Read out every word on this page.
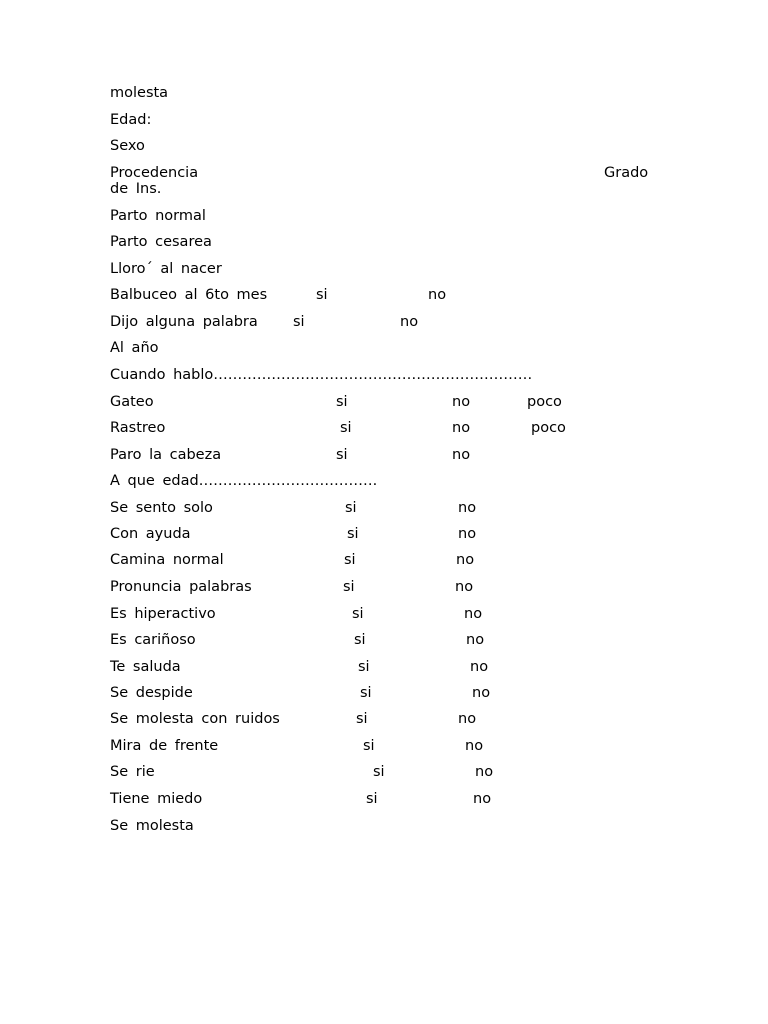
molesta
Edad:
Sexo
Procedencia	Grado
de Ins.
Parto normal
Parto cesarea
Lloro´ al nacer
Balbuceo al 6to mes	si	no
Dijo alguna palabra si	no
Al año
Cuando hablo…………………………………………………………
Gateo	si	no	poco
Rastreo	si	no	poco
Paro la cabeza	si	no
A que edad……………………………….
Se sento solo	si	no
Con ayuda	si	no
Camina normal	si	no
Pronuncia palabras	si	no
Es hiperactivo	si	no
Es cariñoso	si	no
Te saluda	si	no
Se despide	si	no
Se molesta con ruidos	si	no
Mira de frente	si	no
Se rie	si	no
Tiene miedo	si	no
Se molesta
